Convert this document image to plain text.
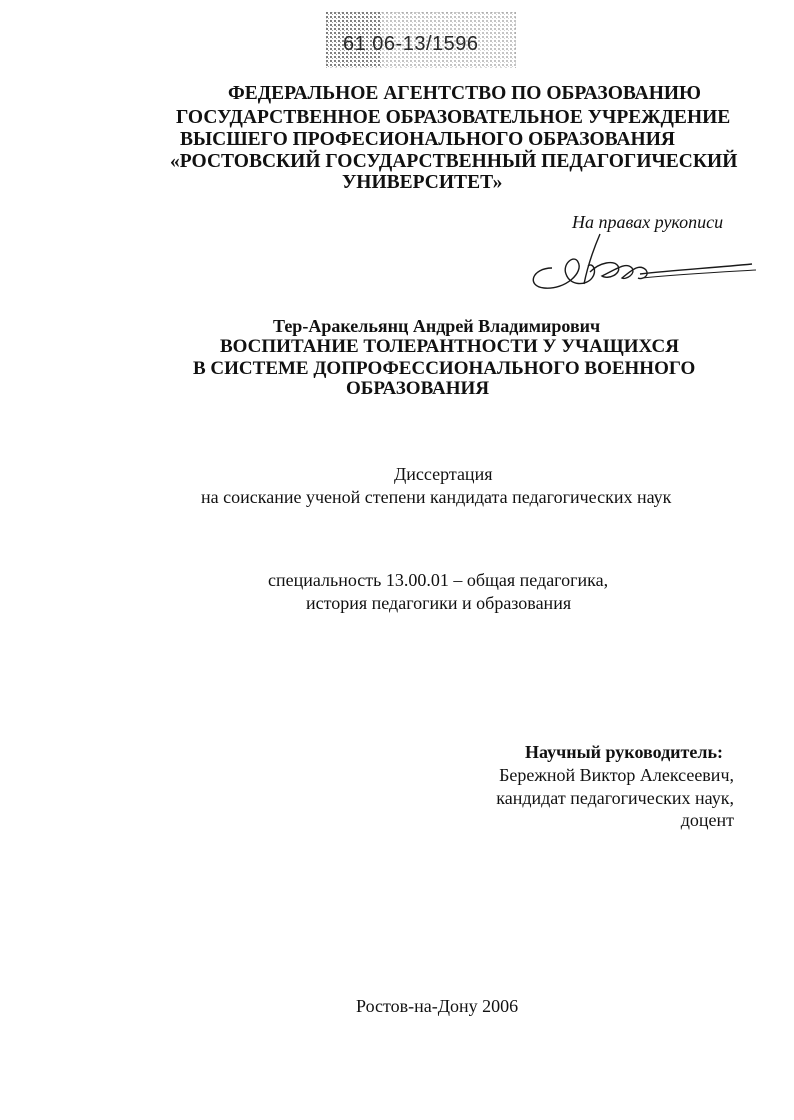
61 06-13/1596
ФЕДЕРАЛЬНОЕ АГЕНТСТВО ПО ОБРАЗОВАНИЮ
ГОСУДАРСТВЕННОЕ ОБРАЗОВАТЕЛЬНОЕ УЧРЕЖДЕНИЕ
ВЫСШЕГО ПРОФЕСИОНАЛЬНОГО ОБРАЗОВАНИЯ
«РОСТОВСКИЙ ГОСУДАРСТВЕННЫЙ ПЕДАГОГИЧЕСКИЙ
УНИВЕРСИТЕТ»
На правах рукописи
Тер-Аракельянц Андрей Владимирович
ВОСПИТАНИЕ ТОЛЕРАНТНОСТИ У УЧАЩИХСЯ
В СИСТЕМЕ ДОПРОФЕССИОНАЛЬНОГО ВОЕННОГО
ОБРАЗОВАНИЯ
Диссертация
на соискание ученой степени кандидата педагогических наук
специальность 13.00.01 – общая педагогика,
история педагогики и образования
Научный руководитель:
Бережной Виктор Алексеевич,
кандидат педагогических наук,
доцент
Ростов-на-Дону 2006
